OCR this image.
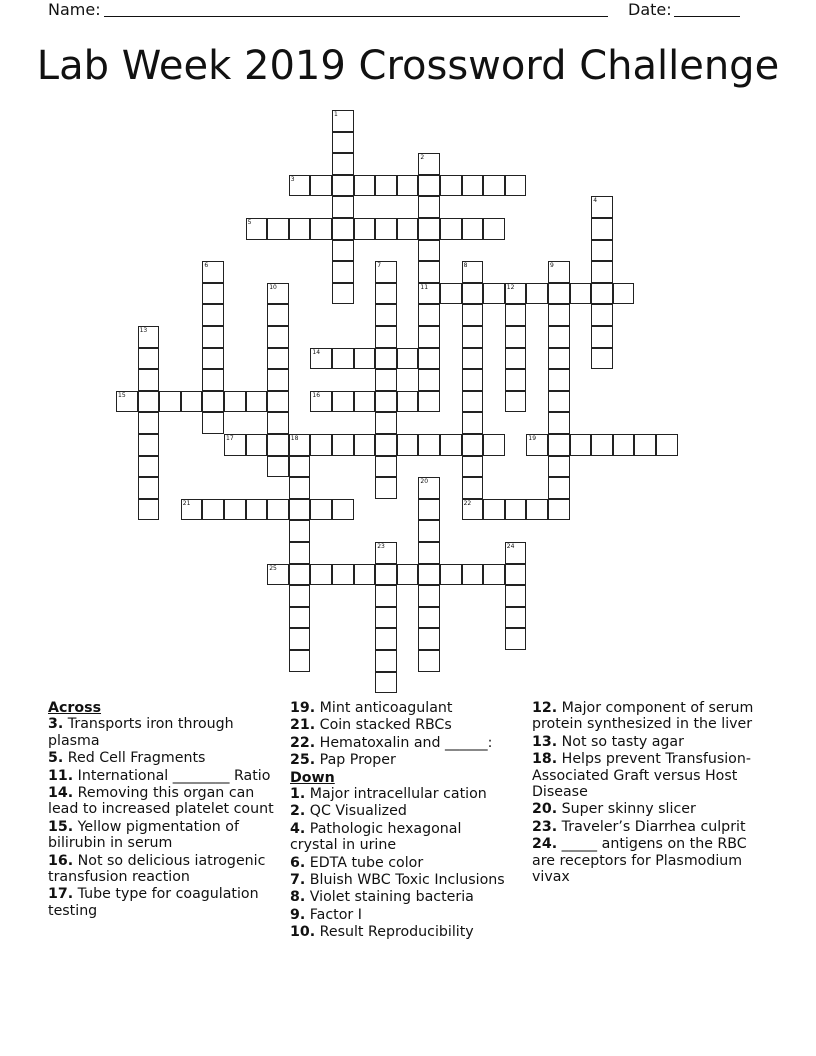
Name:	Date:
Lab Week 2019 Crossword Challenge
1
2
11
3
4
5
6	7	8	9
10	12
13
14
15	16
17	18	19
20
21	22
23	24
25
Across
3. Transports iron through plasma
5. Red Cell Fragments
11. International ________ Ratio
14. Removing this organ can lead to increased platelet count
15. Yellow pigmentation of bilirubin in serum
16. Not so delicious iatrogenic transfusion reaction
17. Tube type for coagulation testing
19. Mint anticoagulant
21. Coin stacked RBCs
22. Hematoxalin and ______:
25. Pap Proper
Down
1. Major intracellular cation
2. QC Visualized
4. Pathologic hexagonal crystal in urine
6. EDTA tube color
7. Bluish WBC Toxic Inclusions
8. Violet staining bacteria
9. Factor I
10. Result Reproducibility
12. Major component of serum protein synthesized in the liver
13. Not so tasty agar
18. Helps prevent Transfusion-Associated Graft versus Host Disease
20. Super skinny slicer
23. Traveler’s Diarrhea culprit
24. _____ antigens on the RBC are receptors for Plasmodium vivax
